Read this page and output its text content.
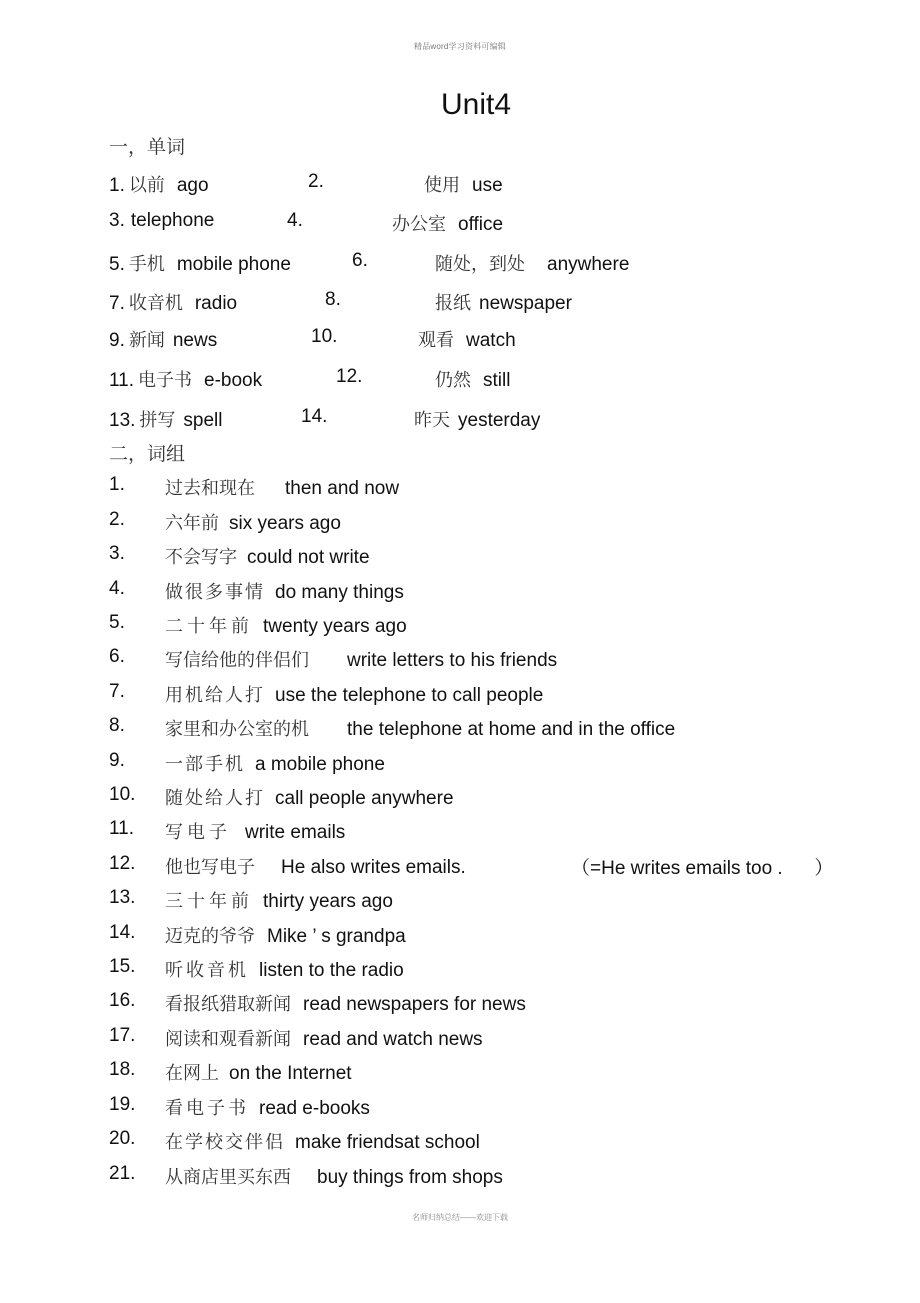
精品word学习资料可编辑
Unit4
一，单词
1. 以前 ago	2.	使用 use
3. telephone	4.	办公室 office
5. 手机 mobile phone	6.	随处，到处 anywhere
7. 收音机 radio	8.	报纸 newspaper
9. 新闻 news	10.	观看 watch
11. 电子书 e-book	12.	仍然 still
13. 拼写 spell	14.	昨天 yesterday
二，词组
1. 过去和现在 then and now
2. 六年前 six years ago
3. 不会写字 could not write
4. 做很多事情 do many things
5. 二十年前 twenty years ago
6. 写信给他的伴侣们 write letters to his friends
7. 用机给人打 use the telephone to call people
8. 家里和办公室的机 the telephone at home and in the office
9. 一部手机 a mobile phone
10. 随处给人打 call people anywhere
11. 写电子 write emails
12. 他也写电子 He also writes emails.	（=He writes emails too .      ）
13. 三十年前 thirty years ago
14. 迈克的爷爷 Mike ’ s grandpa
15. 听收音机 listen to the radio
16. 看报纸猎取新闻 read newspapers for news
17. 阅读和观看新闻 read and watch news
18. 在网上 on the Internet
19. 看电子书 read e-books
20. 在学校交伴侣 make friendsat school
21. 从商店里买东西 buy things from shops
名师归纳总结——欢迎下载
